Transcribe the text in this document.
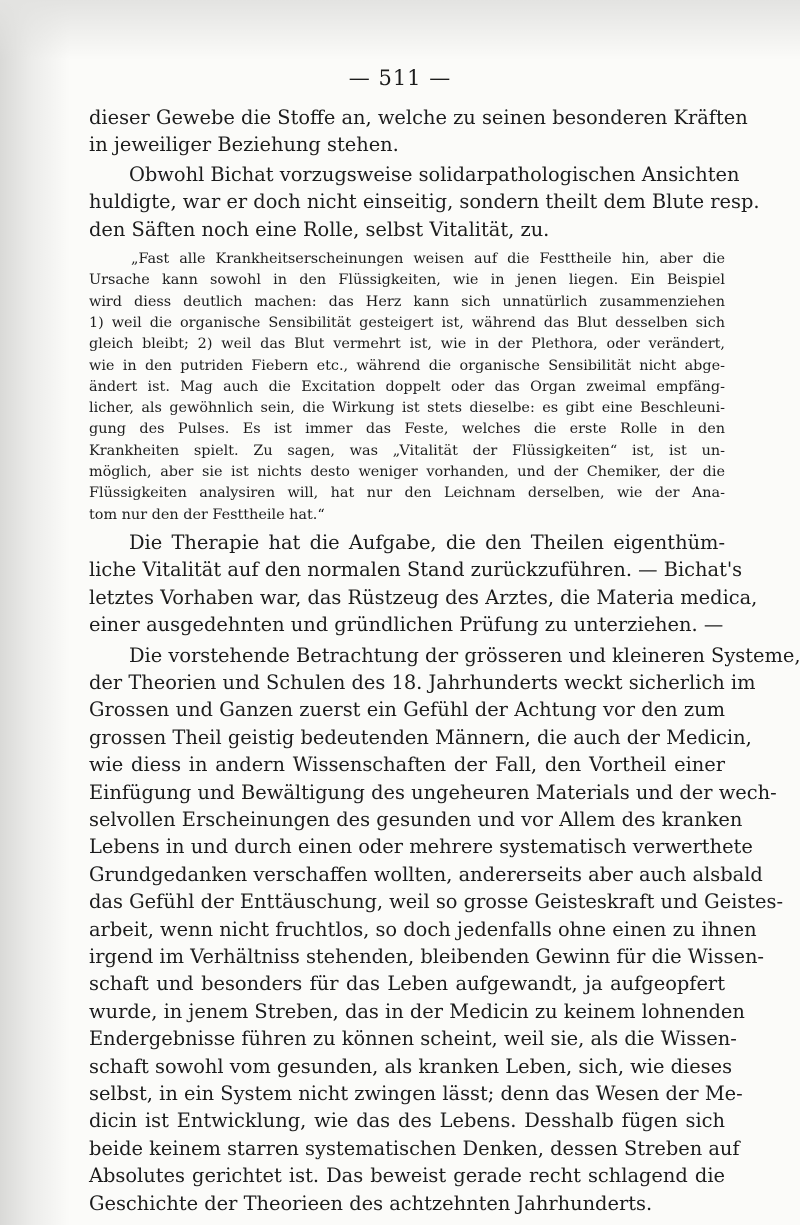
— 511 —
dieser Gewebe die Stoffe an, welche zu seinen besonderen Kräften
in jeweiliger Beziehung stehen.
Obwohl Bichat vorzugsweise solidarpathologischen Ansichten
huldigte, war er doch nicht einseitig, sondern theilt dem Blute resp.
den Säften noch eine Rolle, selbst Vitalität, zu.
„Fast alle Krankheitserscheinungen weisen auf die Festtheile hin, aber die
Ursache kann sowohl in den Flüssigkeiten, wie in jenen liegen. Ein Beispiel
wird diess deutlich machen: das Herz kann sich unnatürlich zusammenziehen
1) weil die organische Sensibilität gesteigert ist, während das Blut desselben sich
gleich bleibt; 2) weil das Blut vermehrt ist, wie in der Plethora, oder verändert,
wie in den putriden Fiebern etc., während die organische Sensibilität nicht abge-
ändert ist. Mag auch die Excitation doppelt oder das Organ zweimal empfäng-
licher, als gewöhnlich sein, die Wirkung ist stets dieselbe: es gibt eine Beschleuni-
gung des Pulses. Es ist immer das Feste, welches die erste Rolle in den
Krankheiten spielt. Zu sagen, was „Vitalität der Flüssigkeiten“ ist, ist un-
möglich, aber sie ist nichts desto weniger vorhanden, und der Chemiker, der die
Flüssigkeiten analysiren will, hat nur den Leichnam derselben, wie der Ana-
tom nur den der Festtheile hat.“
Die Therapie hat die Aufgabe, die den Theilen eigenthüm-
liche Vitalität auf den normalen Stand zurückzuführen. — Bichat's
letztes Vorhaben war, das Rüstzeug des Arztes, die Materia medica,
einer ausgedehnten und gründlichen Prüfung zu unterziehen. —
Die vorstehende Betrachtung der grösseren und kleineren Systeme,
der Theorien und Schulen des 18. Jahrhunderts weckt sicherlich im
Grossen und Ganzen zuerst ein Gefühl der Achtung vor den zum
grossen Theil geistig bedeutenden Männern, die auch der Medicin,
wie diess in andern Wissenschaften der Fall, den Vortheil einer
Einfügung und Bewältigung des ungeheuren Materials und der wech-
selvollen Erscheinungen des gesunden und vor Allem des kranken
Lebens in und durch einen oder mehrere systematisch verwerthete
Grundgedanken verschaffen wollten, andererseits aber auch alsbald
das Gefühl der Enttäuschung, weil so grosse Geisteskraft und Geistes-
arbeit, wenn nicht fruchtlos, so doch jedenfalls ohne einen zu ihnen
irgend im Verhältniss stehenden, bleibenden Gewinn für die Wissen-
schaft und besonders für das Leben aufgewandt, ja aufgeopfert
wurde, in jenem Streben, das in der Medicin zu keinem lohnenden
Endergebnisse führen zu können scheint, weil sie, als die Wissen-
schaft sowohl vom gesunden, als kranken Leben, sich, wie dieses
selbst, in ein System nicht zwingen lässt; denn das Wesen der Me-
dicin ist Entwicklung, wie das des Lebens. Desshalb fügen sich
beide keinem starren systematischen Denken, dessen Streben auf
Absolutes gerichtet ist. Das beweist gerade recht schlagend die
Geschichte der Theorieen des achtzehnten Jahrhunderts.
